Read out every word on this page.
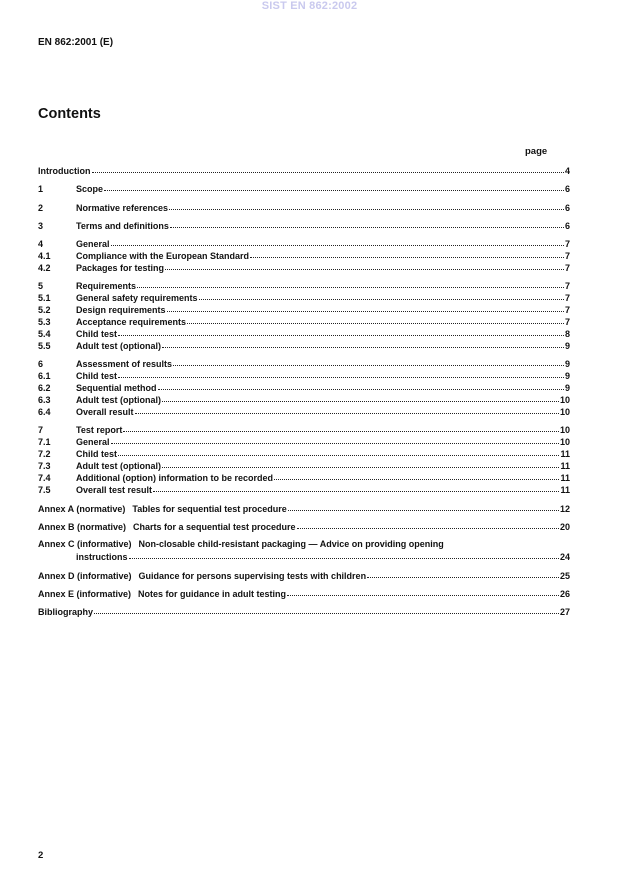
SIST EN 862:2002
EN 862:2001 (E)
Contents
page
Introduction	4
1	Scope	6
2	Normative references	6
3	Terms and definitions	6
4	General	7
4.1	Compliance with the European Standard	7
4.2	Packages for testing	7
5	Requirements	7
5.1	General safety requirements	7
5.2	Design requirements	7
5.3	Acceptance requirements	7
5.4	Child test	8
5.5	Adult test (optional)	9
6	Assessment of results	9
6.1	Child test	9
6.2	Sequential method	9
6.3	Adult test (optional)	10
6.4	Overall result	10
7	Test report	10
7.1	General	10
7.2	Child test	11
7.3	Adult test (optional)	11
7.4	Additional (option) information to be recorded	11
7.5	Overall test result	11
Annex A (normative) Tables for sequential test procedure	12
Annex B (normative) Charts for a sequential test procedure	20
Annex C (informative) Non-closable child-resistant packaging — Advice on providing opening
instructions	24
Annex D (informative) Guidance for persons supervising tests with children	25
Annex E (informative) Notes for guidance in adult testing	26
Bibliography	27
2
